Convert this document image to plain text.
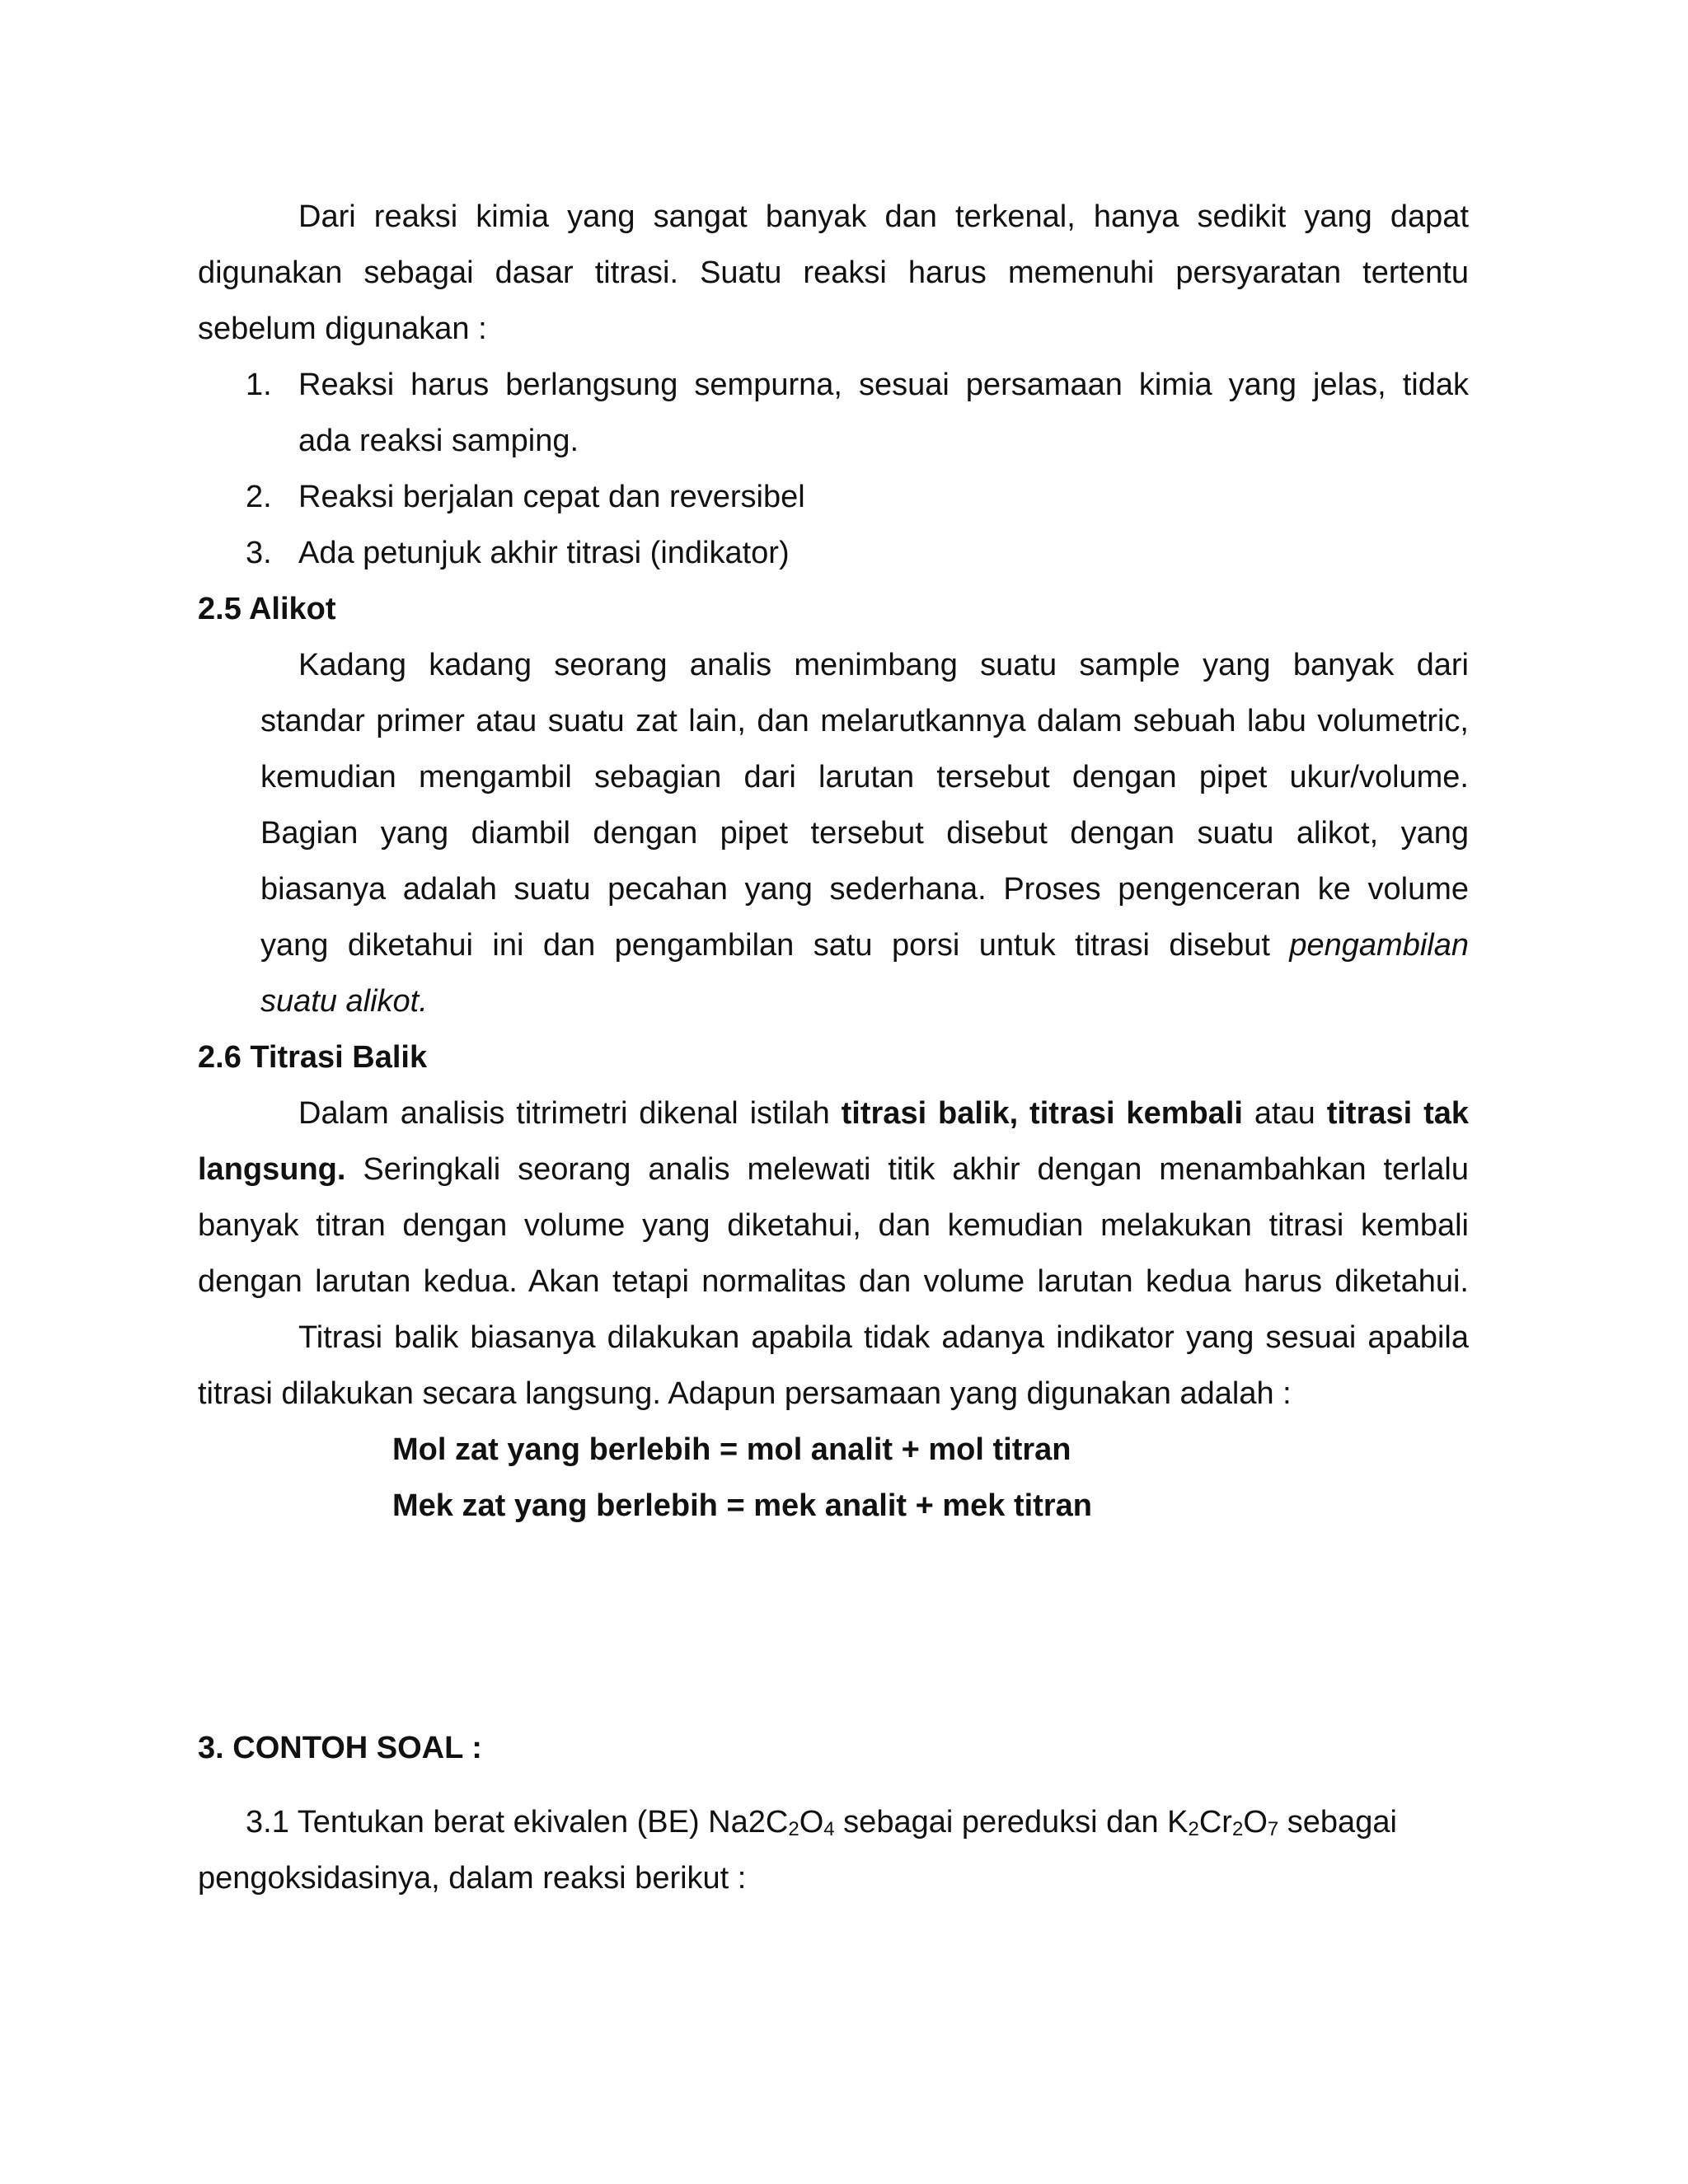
Dari reaksi kimia yang sangat banyak dan terkenal, hanya sedikit yang dapat
digunakan sebagai dasar titrasi. Suatu reaksi harus memenuhi persyaratan tertentu
sebelum digunakan :
1. Reaksi harus berlangsung sempurna, sesuai persamaan kimia yang jelas, tidak
ada reaksi samping.
2. Reaksi berjalan cepat dan reversibel
3. Ada petunjuk akhir titrasi (indikator)
2.5 Alikot
Kadang kadang seorang analis menimbang suatu sample yang banyak dari
standar primer atau suatu zat lain, dan melarutkannya dalam sebuah labu volumetric,
kemudian mengambil sebagian dari larutan tersebut dengan pipet ukur/volume.
Bagian yang diambil dengan pipet tersebut disebut dengan suatu alikot, yang
biasanya adalah suatu pecahan yang sederhana. Proses pengenceran ke volume
yang diketahui ini dan pengambilan satu porsi untuk titrasi disebut pengambilan
suatu alikot.
2.6 Titrasi Balik
Dalam analisis titrimetri dikenal istilah titrasi balik, titrasi kembali atau titrasi tak
langsung. Seringkali seorang analis melewati titik akhir dengan menambahkan terlalu
banyak titran dengan volume yang diketahui, dan kemudian melakukan titrasi kembali
dengan larutan kedua. Akan tetapi normalitas dan volume larutan kedua harus diketahui.
Titrasi balik biasanya dilakukan apabila tidak adanya indikator yang sesuai apabila
titrasi dilakukan secara langsung. Adapun persamaan yang digunakan adalah :
Mol zat yang berlebih = mol analit + mol titran
Mek zat yang berlebih = mek analit + mek titran
3. CONTOH SOAL :
3.1 Tentukan berat ekivalen (BE) $Na2C_2O_4$ sebagai pereduksi dan $K_2Cr_2O_7$ sebagai
pengoksidasinya, dalam reaksi berikut :
